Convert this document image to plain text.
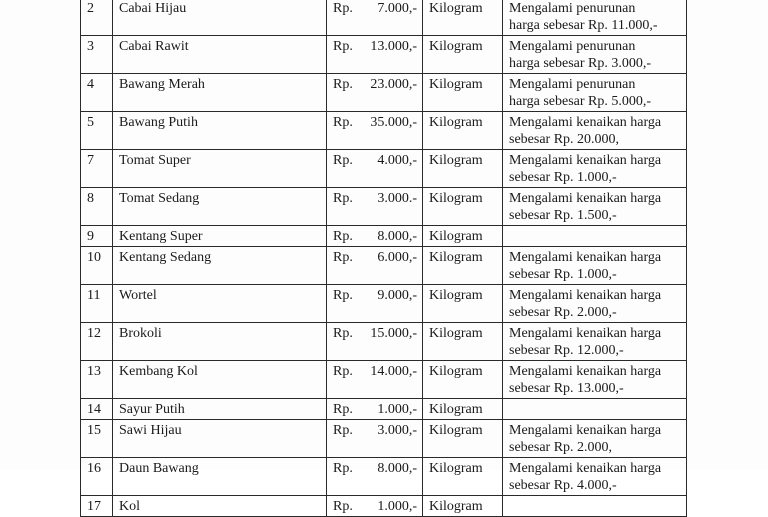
2	Cabai Hijau	Rp. 7.000,-	Kilogram	Mengalami penurunan
harga sebesar Rp. 11.000,-

3	Cabai Rawit	Rp. 13.000,-	Kilogram	Mengalami penurunan
harga sebesar Rp. 3.000,-

4	Bawang Merah	Rp. 23.000,-	Kilogram	Mengalami penurunan
harga sebesar Rp. 5.000,-

5	Bawang Putih	Rp. 35.000,-	Kilogram	Mengalami kenaikan harga
sebesar Rp. 20.000,

7	Tomat Super	Rp. 4.000,-	Kilogram	Mengalami kenaikan harga
sebesar Rp. 1.000,-

8	Tomat Sedang	Rp. 3.000.-	Kilogram	Mengalami kenaikan harga
sebesar Rp. 1.500,-

9	Kentang Super	Rp. 8.000,-	Kilogram	

10	Kentang Sedang	Rp. 6.000,-	Kilogram	Mengalami kenaikan harga
sebesar Rp. 1.000,-

11	Wortel	Rp. 9.000,-	Kilogram	Mengalami kenaikan harga
sebesar Rp. 2.000,-

12	Brokoli	Rp. 15.000,-	Kilogram	Mengalami kenaikan harga
sebesar Rp. 12.000,-

13	Kembang Kol	Rp. 14.000,-	Kilogram	Mengalami kenaikan harga
sebesar Rp. 13.000,-

14	Sayur Putih	Rp. 1.000,-	Kilogram	

15	Sawi Hijau	Rp. 3.000,-	Kilogram	Mengalami kenaikan harga
sebesar Rp. 2.000,

16	Daun Bawang	Rp. 8.000,-	Kilogram	Mengalami kenaikan harga
sebesar Rp. 4.000,-

17	Kol	Rp. 1.000,-	Kilogram	
